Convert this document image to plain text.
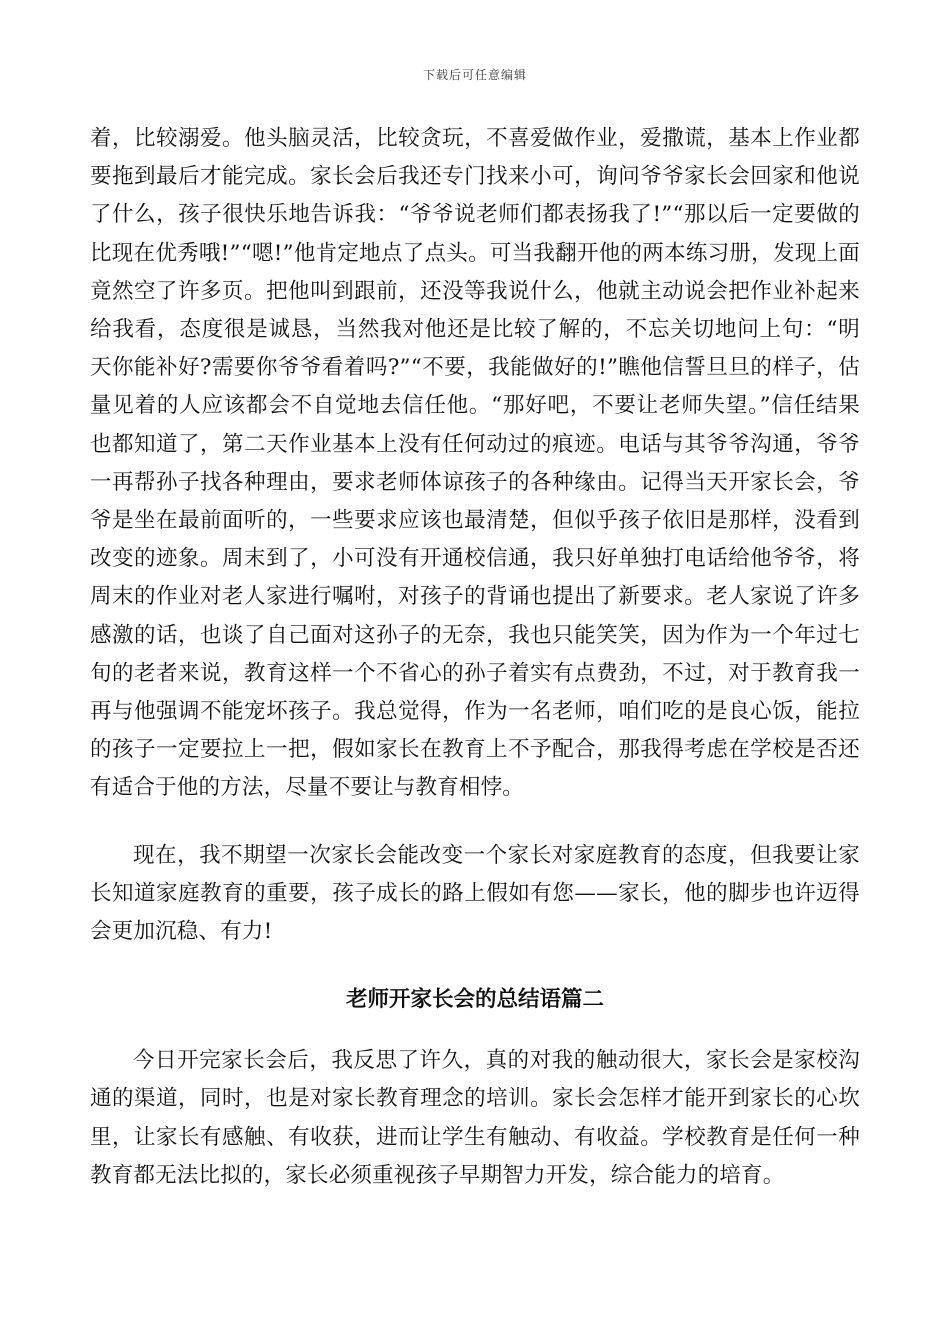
下载后可任意编辑

着，比较溺爱。他头脑灵活，比较贪玩，不喜爱做作业，爱撒谎，基本上作业都要拖到最后才能完成。家长会后我还专门找来小可，询问爷爷家长会回家和他说了什么，孩子很快乐地告诉我：“爷爷说老师们都表扬我了!”“那以后一定要做的比现在优秀哦!”“嗯!”他肯定地点了点头。可当我翻开他的两本练习册，发现上面竟然空了许多页。把他叫到跟前，还没等我说什么，他就主动说会把作业补起来给我看，态度很是诚恳，当然我对他还是比较了解的，不忘关切地问上句：“明天你能补好?需要你爷爷看着吗?”“不要，我能做好的!”瞧他信誓旦旦的样子，估量见着的人应该都会不自觉地去信任他。“那好吧，不要让老师失望。”信任结果也都知道了，第二天作业基本上没有任何动过的痕迹。电话与其爷爷沟通，爷爷一再帮孙子找各种理由，要求老师体谅孩子的各种缘由。记得当天开家长会，爷爷是坐在最前面听的，一些要求应该也最清楚，但似乎孩子依旧是那样，没看到改变的迹象。周末到了，小可没有开通校信通，我只好单独打电话给他爷爷，将周末的作业对老人家进行嘱咐，对孩子的背诵也提出了新要求。老人家说了许多感激的话，也谈了自己面对这孙子的无奈，我也只能笑笑，因为作为一个年过七旬的老者来说，教育这样一个不省心的孙子着实有点费劲，不过，对于教育我一再与他强调不能宠坏孩子。我总觉得，作为一名老师，咱们吃的是良心饭，能拉的孩子一定要拉上一把，假如家长在教育上不予配合，那我得考虑在学校是否还有适合于他的方法，尽量不要让与教育相悖。

现在，我不期望一次家长会能改变一个家长对家庭教育的态度，但我要让家长知道家庭教育的重要，孩子成长的路上假如有您——家长，他的脚步也许迈得会更加沉稳、有力!

老师开家长会的总结语篇二

今日开完家长会后，我反思了许久，真的对我的触动很大，家长会是家校沟通的渠道，同时，也是对家长教育理念的培训。家长会怎样才能开到家长的心坎里，让家长有感触、有收获，进而让学生有触动、有收益。学校教育是任何一种教育都无法比拟的，家长必须重视孩子早期智力开发，综合能力的培育。
